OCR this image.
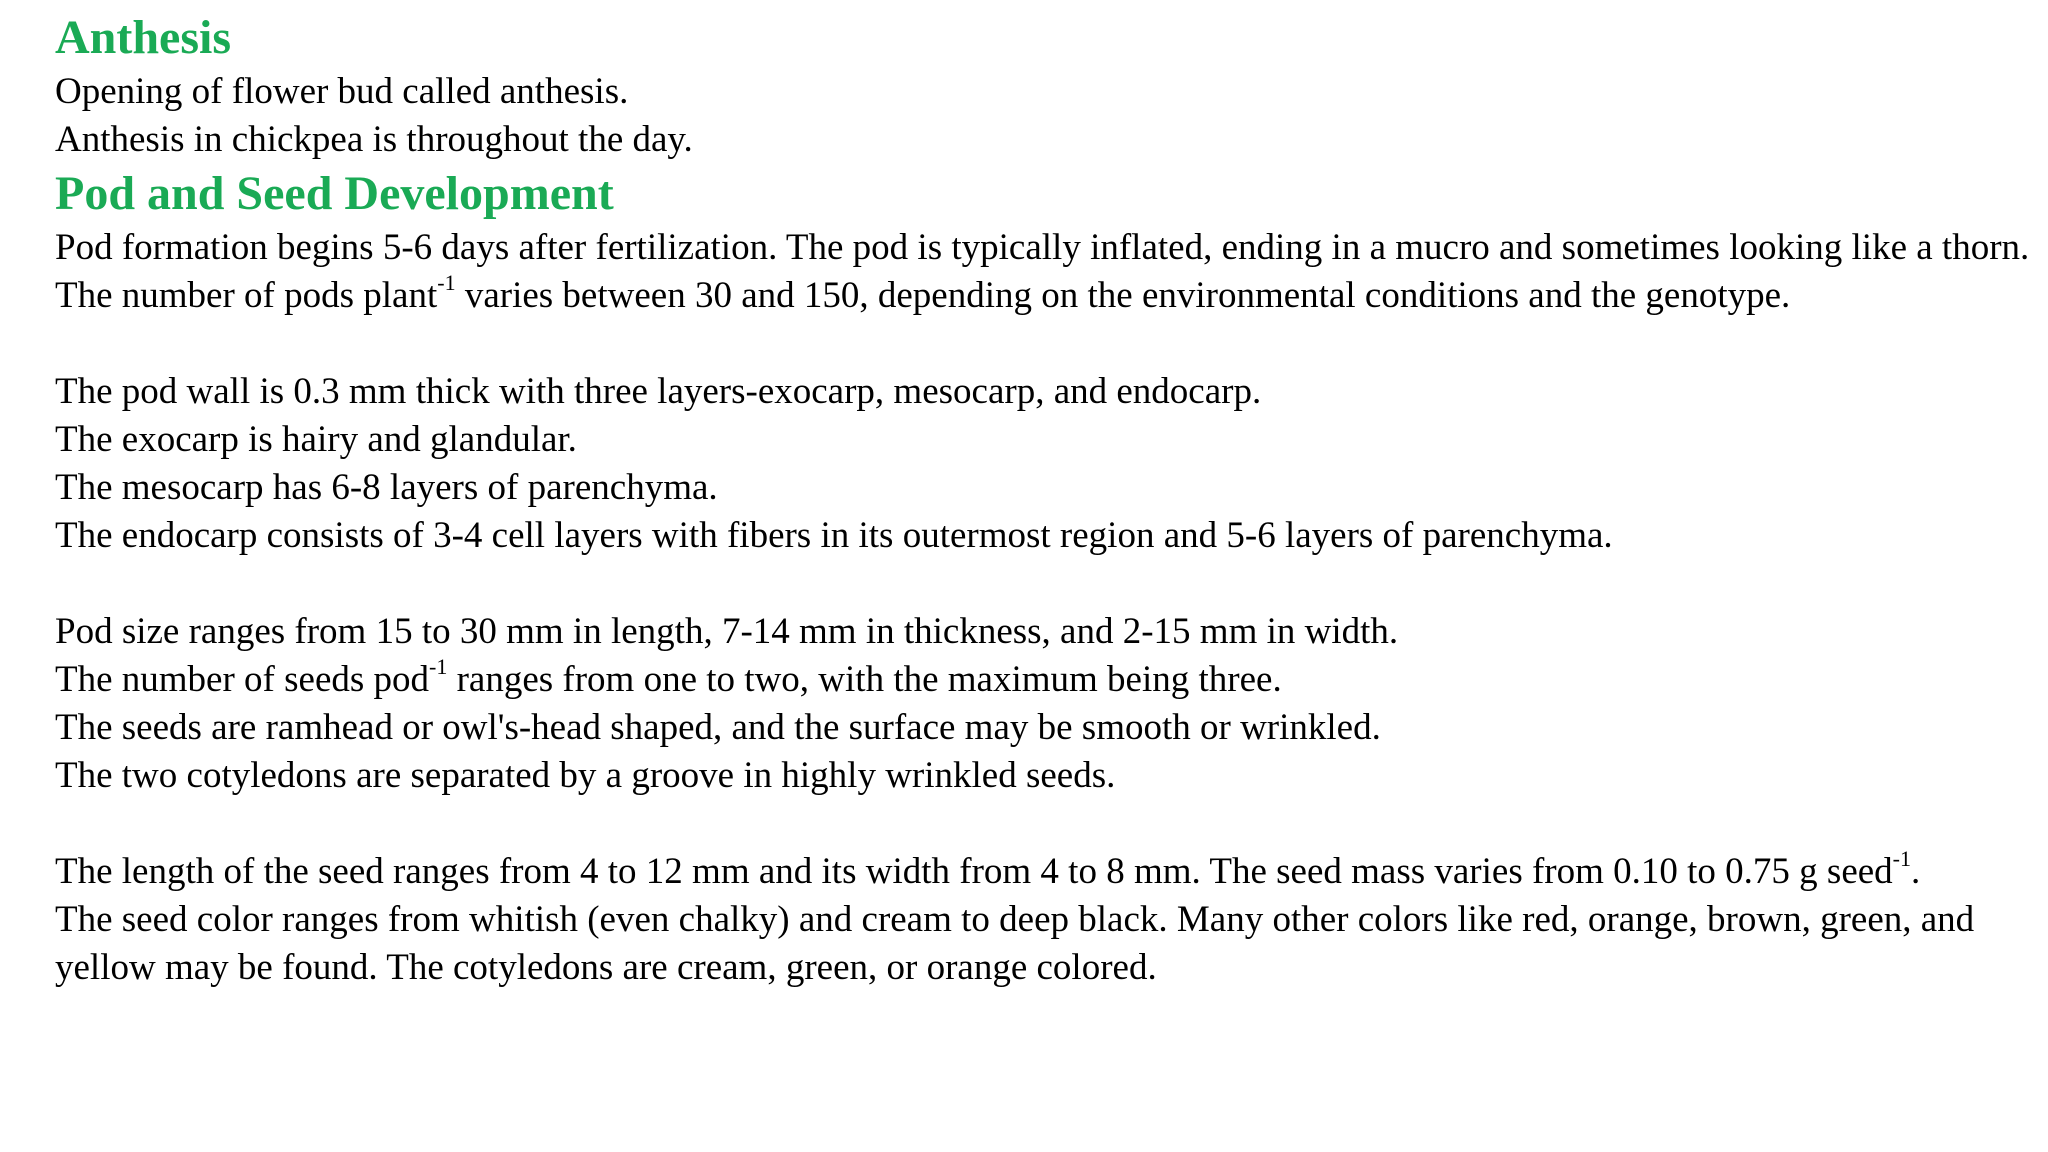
Anthesis

Opening of flower bud called anthesis.

Anthesis in chickpea is throughout the day.

Pod and Seed Development

Pod formation begins 5-6 days after fertilization. The pod is typically inflated, ending in a mucro and sometimes looking like a thorn.

The number of pods plant$^{-1}$ varies between 30 and 150, depending on the environmental conditions and the genotype.

The pod wall is 0.3 mm thick with three layers-exocarp, mesocarp, and endocarp.

The exocarp is hairy and glandular.

The mesocarp has 6-8 layers of parenchyma.

The endocarp consists of 3-4 cell layers with fibers in its outermost region and 5-6 layers of parenchyma.

Pod size ranges from 15 to 30 mm in length, 7-14 mm in thickness, and 2-15 mm in width.

The number of seeds pod$^{-1}$ ranges from one to two, with the maximum being three.

The seeds are ramhead or owl's-head shaped, and the surface may be smooth or wrinkled.

The two cotyledons are separated by a groove in highly wrinkled seeds.

The length of the seed ranges from 4 to 12 mm and its width from 4 to 8 mm. The seed mass varies from 0.10 to 0.75 g seed$^{-1}$.

The seed color ranges from whitish (even chalky) and cream to deep black. Many other colors like red, orange, brown, green, and yellow may be found. The cotyledons are cream, green, or orange colored.
